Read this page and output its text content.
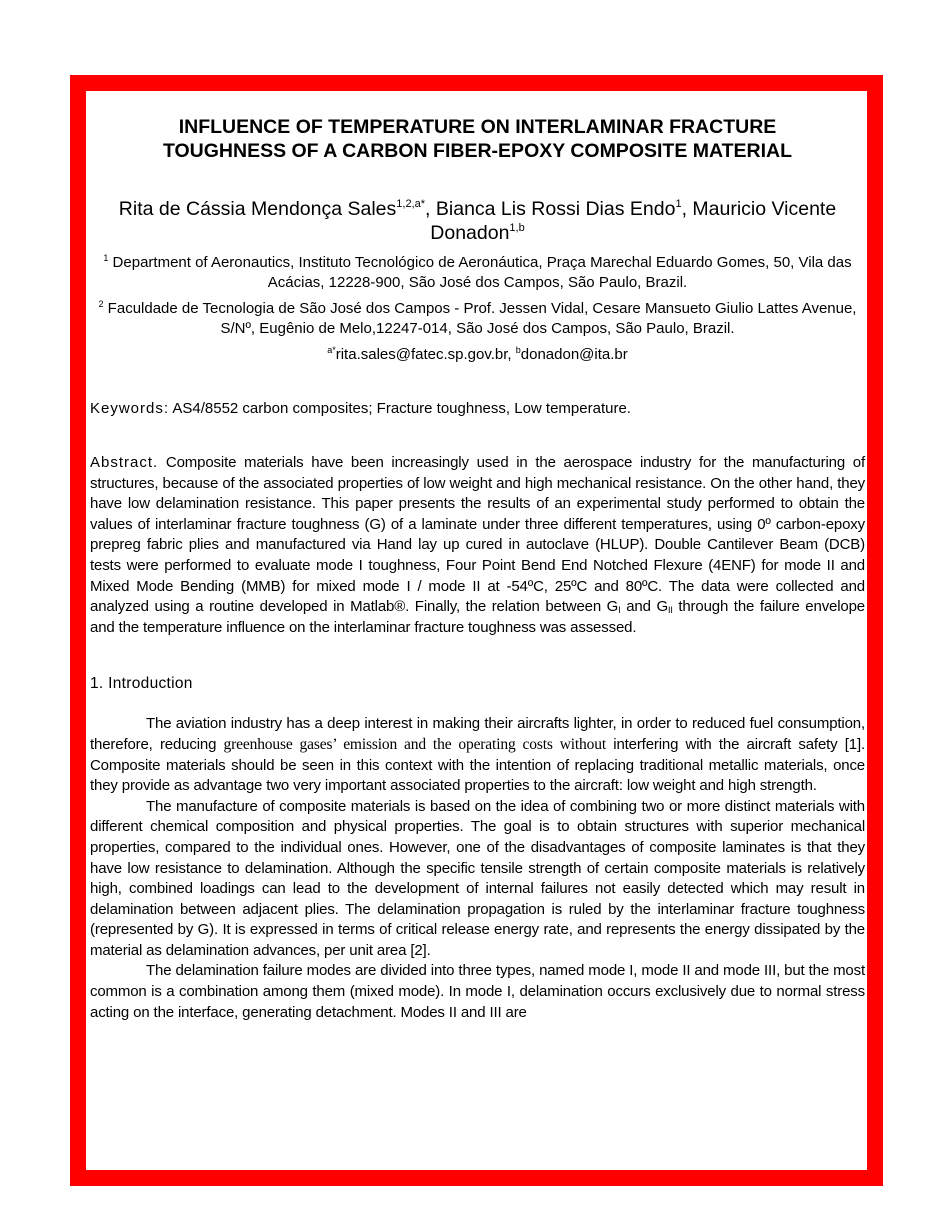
INFLUENCE OF TEMPERATURE ON INTERLAMINAR FRACTURE
TOUGHNESS OF A CARBON FIBER-EPOXY COMPOSITE MATERIAL
Rita de Cássia Mendonça Sales$^{1,2,a*}$, Bianca Lis Rossi Dias Endo$^1$, Mauricio Vicente Donadon$^{1,b}$
$^1$ Department of Aeronautics, Instituto Tecnológico de Aeronáutica, Praça Marechal Eduardo Gomes, 50, Vila das Acácias, 12228-900, São José dos Campos, São Paulo, Brazil.
$^2$ Faculdade de Tecnologia de São José dos Campos - Prof. Jessen Vidal, Cesare Mansueto Giulio Lattes Avenue, S/Nº, Eugênio de Melo,12247-014, São José dos Campos, São Paulo, Brazil.
$^{a*}$rita.sales@fatec.sp.gov.br, $^b$donadon@ita.br
Keywords: AS4/8552 carbon composites; Fracture toughness, Low temperature.
Abstract. Composite materials have been increasingly used in the aerospace industry for the manufacturing of structures, because of the associated properties of low weight and high mechanical resistance. On the other hand, they have low delamination resistance. This paper presents the results of an experimental study performed to obtain the values of interlaminar fracture toughness (G) of a laminate under three different temperatures, using 0º carbon-epoxy prepreg fabric plies and manufactured via Hand lay up cured in autoclave (HLUP). Double Cantilever Beam (DCB) tests were performed to evaluate mode I toughness, Four Point Bend End Notched Flexure (4ENF) for mode II and Mixed Mode Bending (MMB) for mixed mode I / mode II at -54ºC, 25ºC and 80ºC. The data were collected and analyzed using a routine developed in Matlab®. Finally, the relation between $G_I$ and $G_{II}$ through the failure envelope and the temperature influence on the interlaminar fracture toughness was assessed.
1. Introduction
The aviation industry has a deep interest in making their aircrafts lighter, in order to reduced fuel consumption, therefore, reducing greenhouse gases’ emission and the operating costs without interfering with the aircraft safety [1]. Composite materials should be seen in this context with the intention of replacing traditional metallic materials, once they provide as advantage two very important associated properties to the aircraft: low weight and high strength.
The manufacture of composite materials is based on the idea of combining two or more distinct materials with different chemical composition and physical properties. The goal is to obtain structures with superior mechanical properties, compared to the individual ones. However, one of the disadvantages of composite laminates is that they have low resistance to delamination. Although the specific tensile strength of certain composite materials is relatively high, combined loadings can lead to the development of internal failures not easily detected which may result in delamination between adjacent plies. The delamination propagation is ruled by the interlaminar fracture toughness (represented by G). It is expressed in terms of critical release energy rate, and represents the energy dissipated by the material as delamination advances, per unit area [2].
The delamination failure modes are divided into three types, named mode I, mode II and mode III, but the most common is a combination among them (mixed mode). In mode I, delamination occurs exclusively due to normal stress acting on the interface, generating detachment. Modes II and III are
